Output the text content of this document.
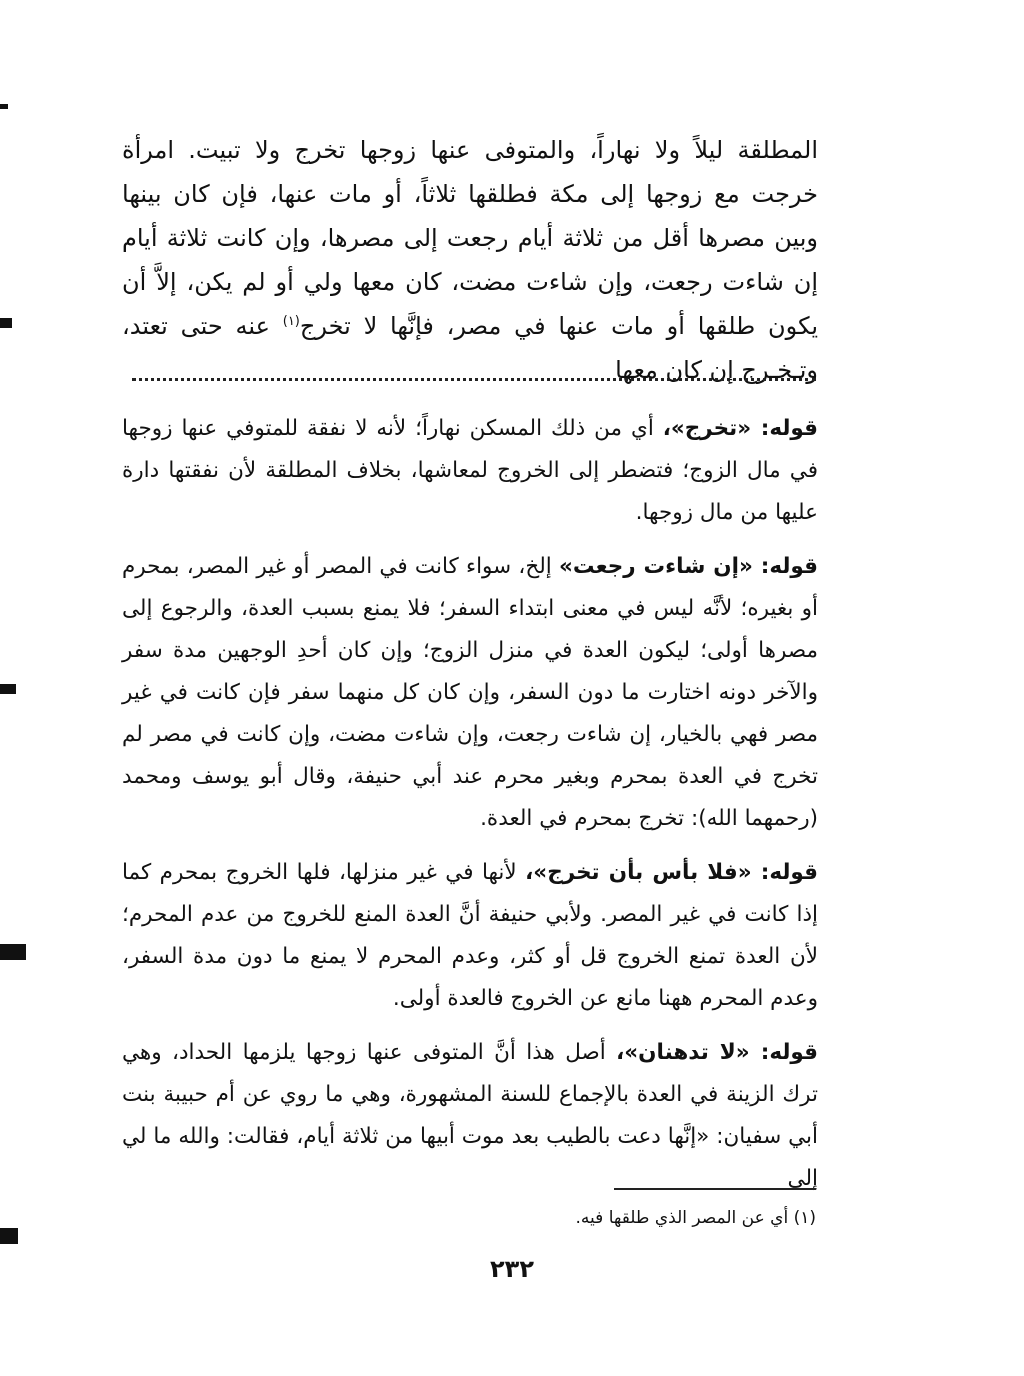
المطلقة ليلاً ولا نهاراً، والمتوفى عنها زوجها تخرج ولا تبيت. امرأة خرجت مع زوجها إلى مكة فطلقها ثلاثاً، أو مات عنها، فإن كان بينها وبين مصرها أقل من ثلاثة أيام رجعت إلى مصرها، وإن كانت ثلاثة أيام إن شاءت رجعت، وإن شاءت مضت، كان معها ولي أو لم يكن، إلاَّ أن يكون طلقها أو مات عنها في مصر، فإنَّها لا تخرج$^{(١)}$ عنه حتى تعتد، وتـخـرج إن كان معها

قوله: «تخرج»، أي من ذلك المسكن نهاراً؛ لأنه لا نفقة للمتوفي عنها زوجها في مال الزوج؛ فتضطر إلى الخروج لمعاشها، بخلاف المطلقة لأن نفقتها دارة عليها من مال زوجها.

قوله: «إن شاءت رجعت» إلخ، سواء كانت في المصر أو غير المصر، بمحرم أو بغيره؛ لأنَّه ليس في معنى ابتداء السفر؛ فلا يمنع بسبب العدة، والرجوع إلى مصرها أولى؛ ليكون العدة في منزل الزوج؛ وإن كان أحدِ الوجهين مدة سفر والآخر دونه اختارت ما دون السفر، وإن كان كل منهما سفر فإن كانت في غير مصر فهي بالخيار، إن شاءت رجعت، وإن شاءت مضت، وإن كانت في مصر لم تخرج في العدة بمحرم وبغير محرم عند أبي حنيفة، وقال أبو يوسف ومحمد (رحمهما الله): تخرج بمحرم في العدة.

قوله: «فلا بأس بأن تخرج»، لأنها في غير منزلها، فلها الخروج بمحرم كما إذا كانت في غير المصر. ولأبي حنيفة أنَّ العدة المنع للخروج من عدم المحرم؛ لأن العدة تمنع الخروج قل أو كثر، وعدم المحرم لا يمنع ما دون مدة السفر، وعدم المحرم ههنا مانع عن الخروج فالعدة أولى.

قوله: «لا تدهنان»، أصل هذا أنَّ المتوفى عنها زوجها يلزمها الحداد، وهي ترك الزينة في العدة بالإجماع للسنة المشهورة، وهي ما روي عن أم حبيبة بنت أبي سفيان: «إنَّها دعت بالطيب بعد موت أبيها من ثلاثة أيام، فقالت: والله ما لي إلى

(١) أي عن المصر الذي طلقها فيه.
٢٣٢
